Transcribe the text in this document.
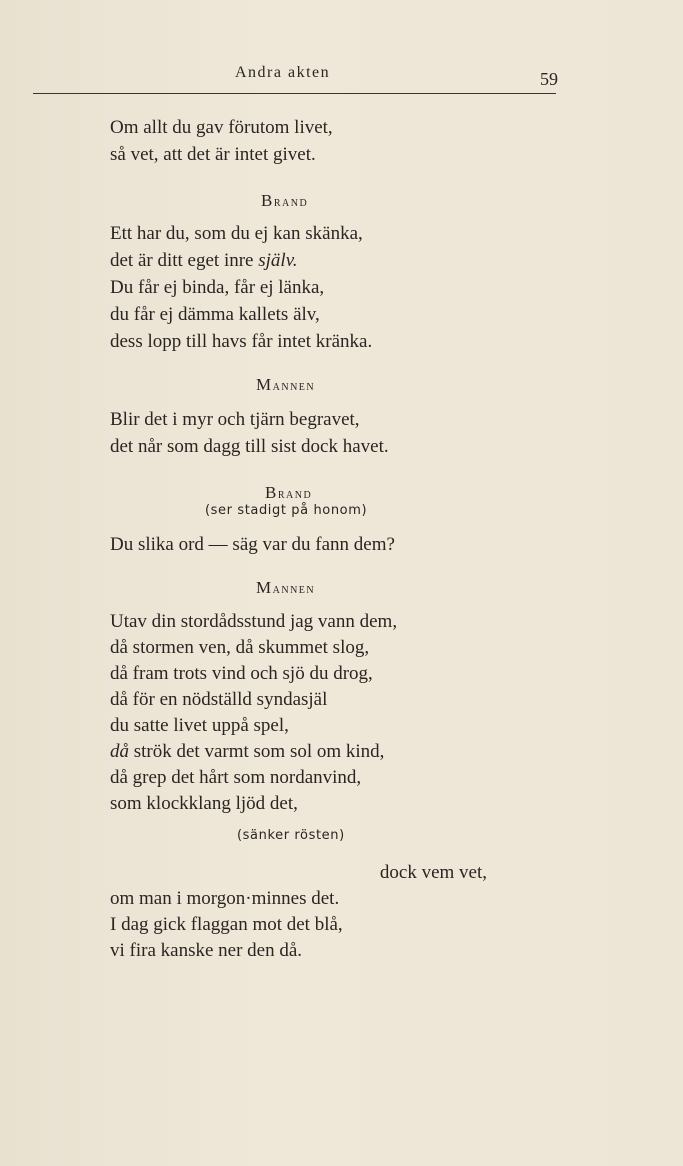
Andra akten	59
Om allt du gav förutom livet,
så vet, att det är intet givet.
Brand
Ett har du, som du ej kan skänka,
det är ditt eget inre själv.
Du får ej binda, får ej länka,
du får ej dämma kallets älv,
dess lopp till havs får intet kränka.
Mannen
Blir det i myr och tjärn begravet,
det når som dagg till sist dock havet.
Brand
(ser stadigt på honom)
Du slika ord — säg var du fann dem?
Mannen
Utav din stordådsstund jag vann dem,
då stormen ven, då skummet slog,
då fram trots vind och sjö du drog,
då för en nödställd syndasjäl
du satte livet uppå spel,
då strök det varmt som sol om kind,
då grep det hårt som nordanvind,
som klockklang ljöd det,
(sänker rösten)
dock vem vet,
om man i morgon·minnes det.
I dag gick flaggan mot det blå,
vi fira kanske ner den då.
